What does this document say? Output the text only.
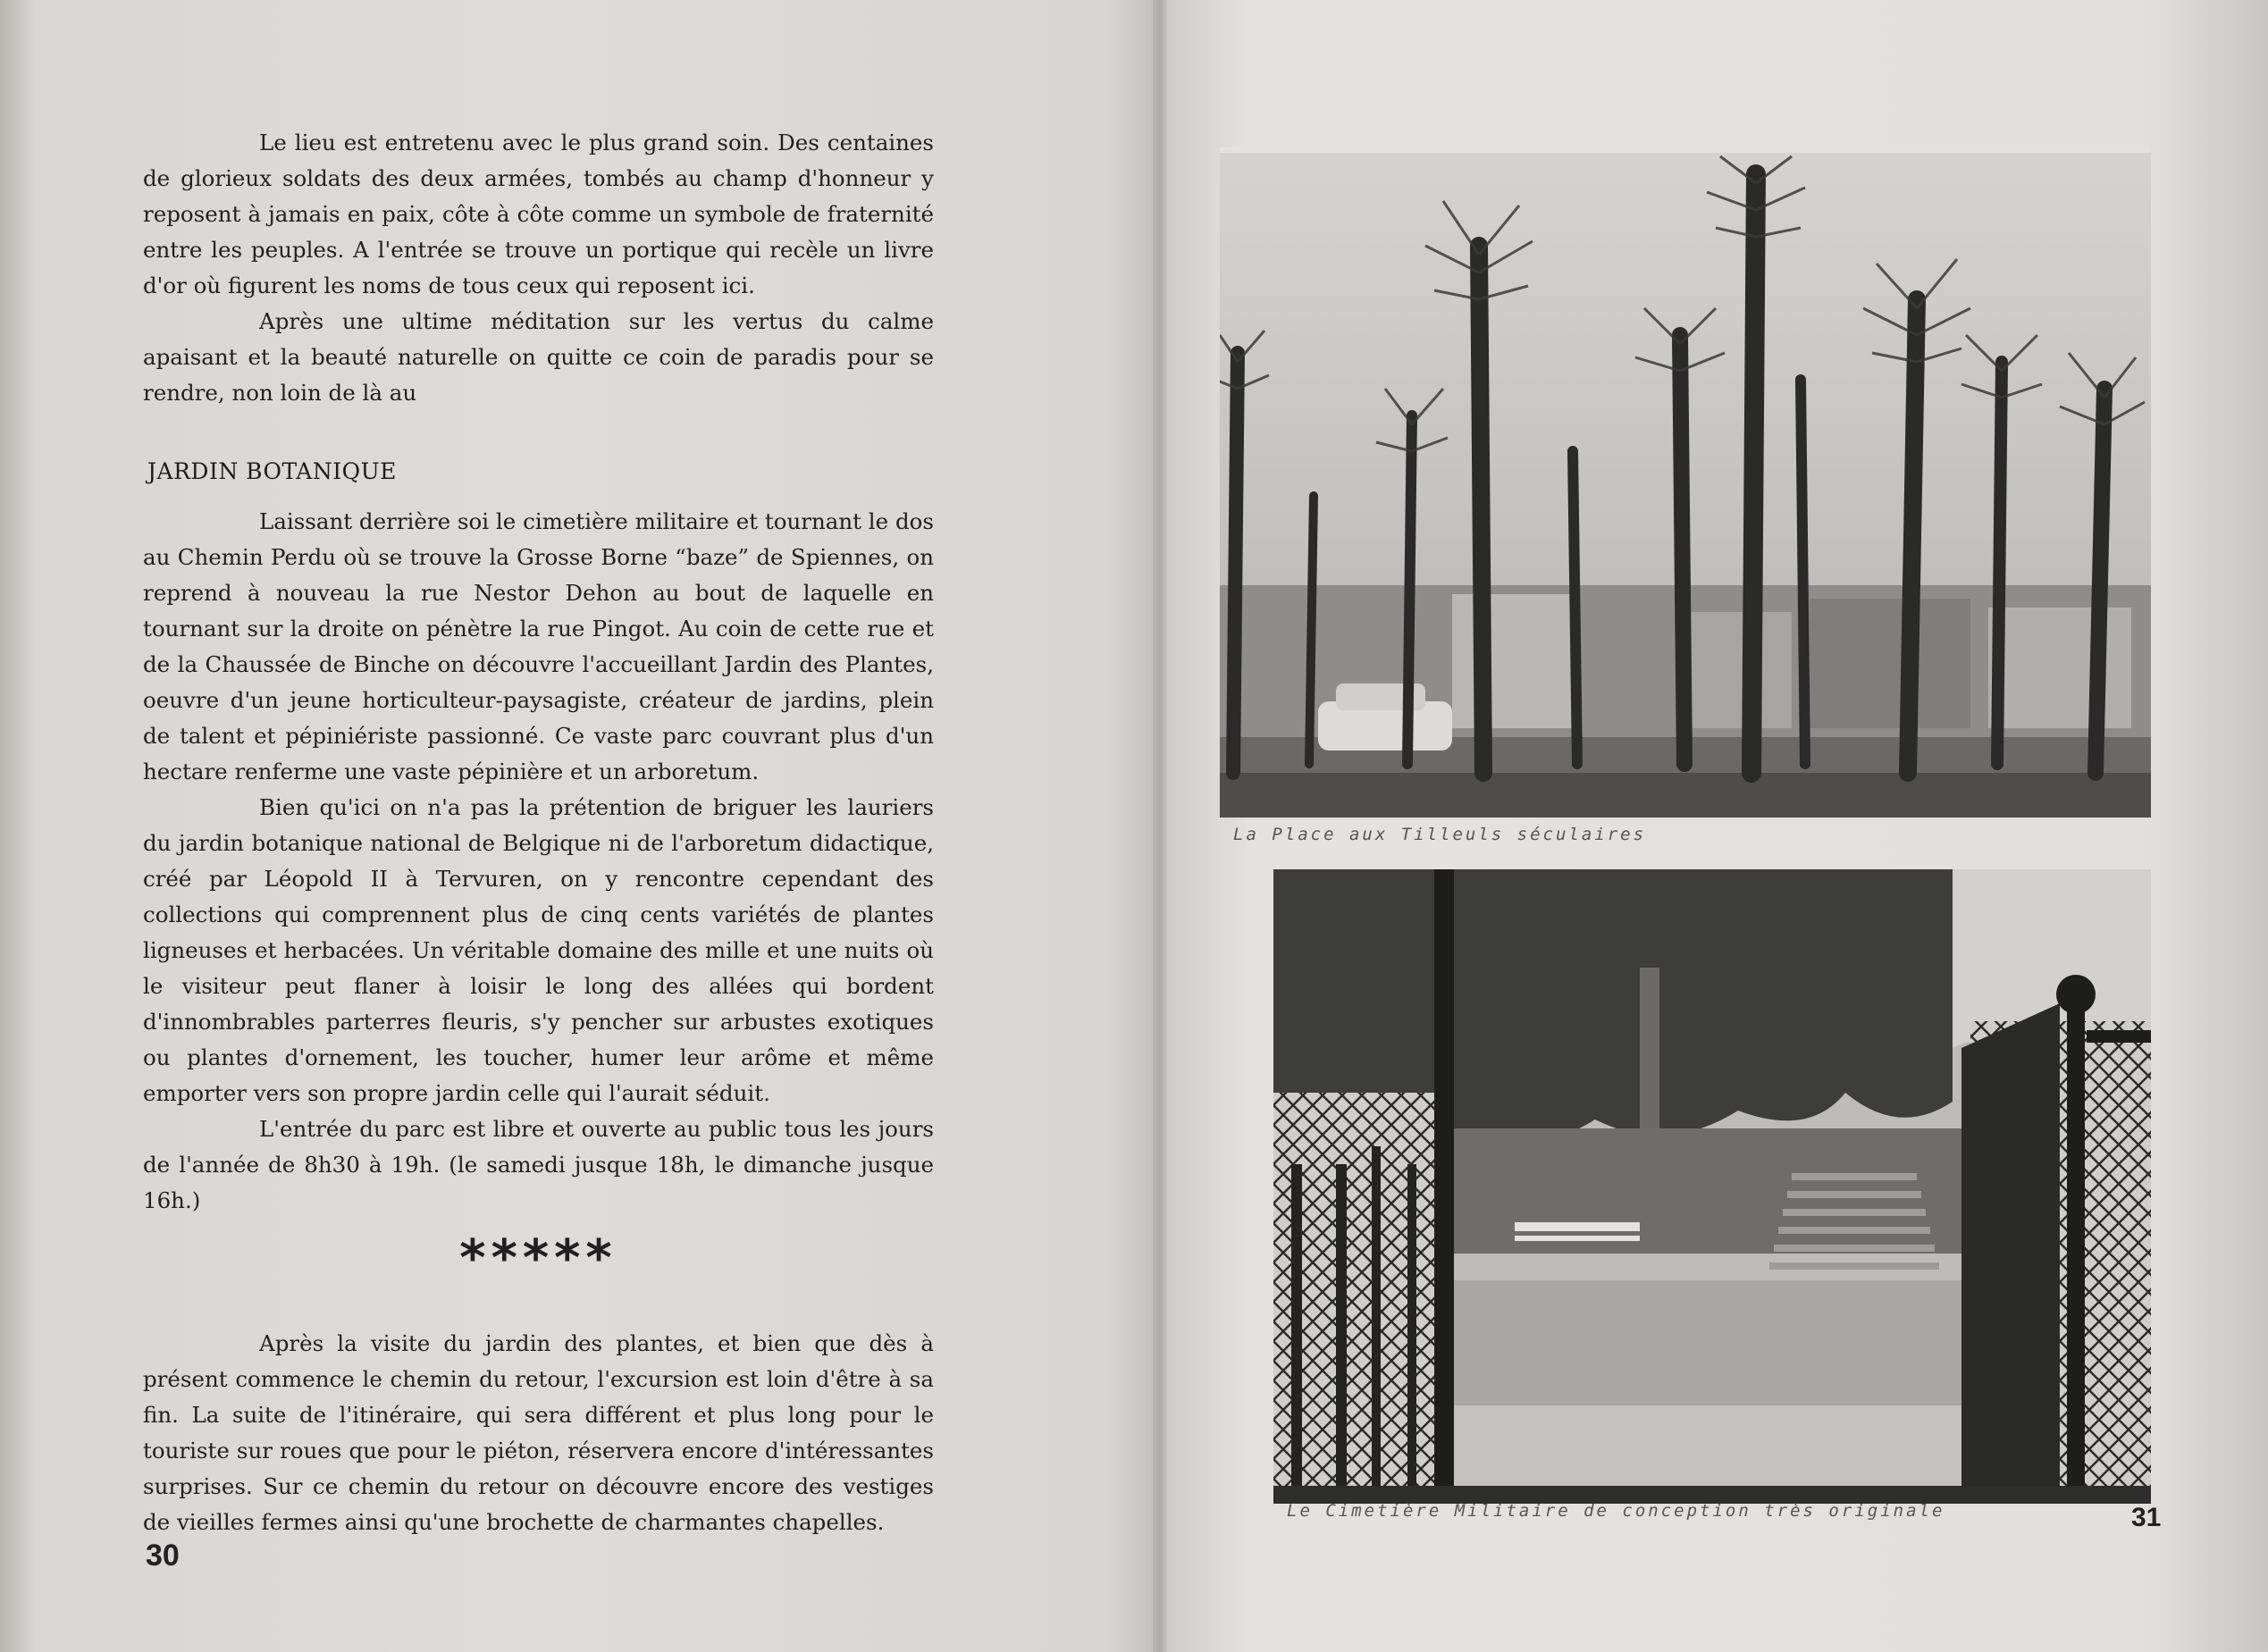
Le lieu est entretenu avec le plus grand soin. Des centaines de glorieux soldats des deux armées, tombés au champ d'honneur y reposent à jamais en paix, côte à côte comme un symbole de fraternité entre les peuples. A l'entrée se trouve un portique qui recèle un livre d'or où figurent les noms de tous ceux qui reposent ici.

Après une ultime méditation sur les vertus du calme apaisant et la beauté naturelle on quitte ce coin de paradis pour se rendre, non loin de là au

JARDIN BOTANIQUE

Laissant derrière soi le cimetière militaire et tournant le dos au Chemin Perdu où se trouve la Grosse Borne “baze” de Spiennes, on reprend à nouveau la rue Nestor Dehon au bout de laquelle en tournant sur la droite on pénètre la rue Pingot. Au coin de cette rue et de la Chaussée de Binche on découvre l'accueillant Jardin des Plantes, oeuvre d'un jeune horticulteur-paysagiste, créateur de jardins, plein de talent et pépiniériste passionné. Ce vaste parc couvrant plus d'un hectare renferme une vaste pépinière et un arboretum.

Bien qu'ici on n'a pas la prétention de briguer les lauriers du jardin botanique national de Belgique ni de l'arboretum didactique, créé par Léopold II à Tervuren, on y rencontre cependant des collections qui comprennent plus de cinq cents variétés de plantes ligneuses et herbacées. Un véritable domaine des mille et une nuits où le visiteur peut flaner à loisir le long des allées qui bordent d'innombrables parterres fleuris, s'y pencher sur arbustes exotiques ou plantes d'ornement, les toucher, humer leur arôme et même emporter vers son propre jardin celle qui l'aurait séduit.

L'entrée du parc est libre et ouverte au public tous les jours de l'année de 8h30 à 19h. (le samedi jusque 18h, le dimanche jusque 16h.)

*****

Après la visite du jardin des plantes, et bien que dès à présent commence le chemin du retour, l'excursion est loin d'être à sa fin. La suite de l'itinéraire, qui sera différent et plus long pour le touriste sur roues que pour le piéton, réservera encore d'intéressantes surprises. Sur ce chemin du retour on découvre encore des vestiges de vieilles fermes ainsi qu'une brochette de charmantes chapelles.

30
La Place aux Tilleuls séculaires
Le Cimetière Militaire de conception très originale	31
